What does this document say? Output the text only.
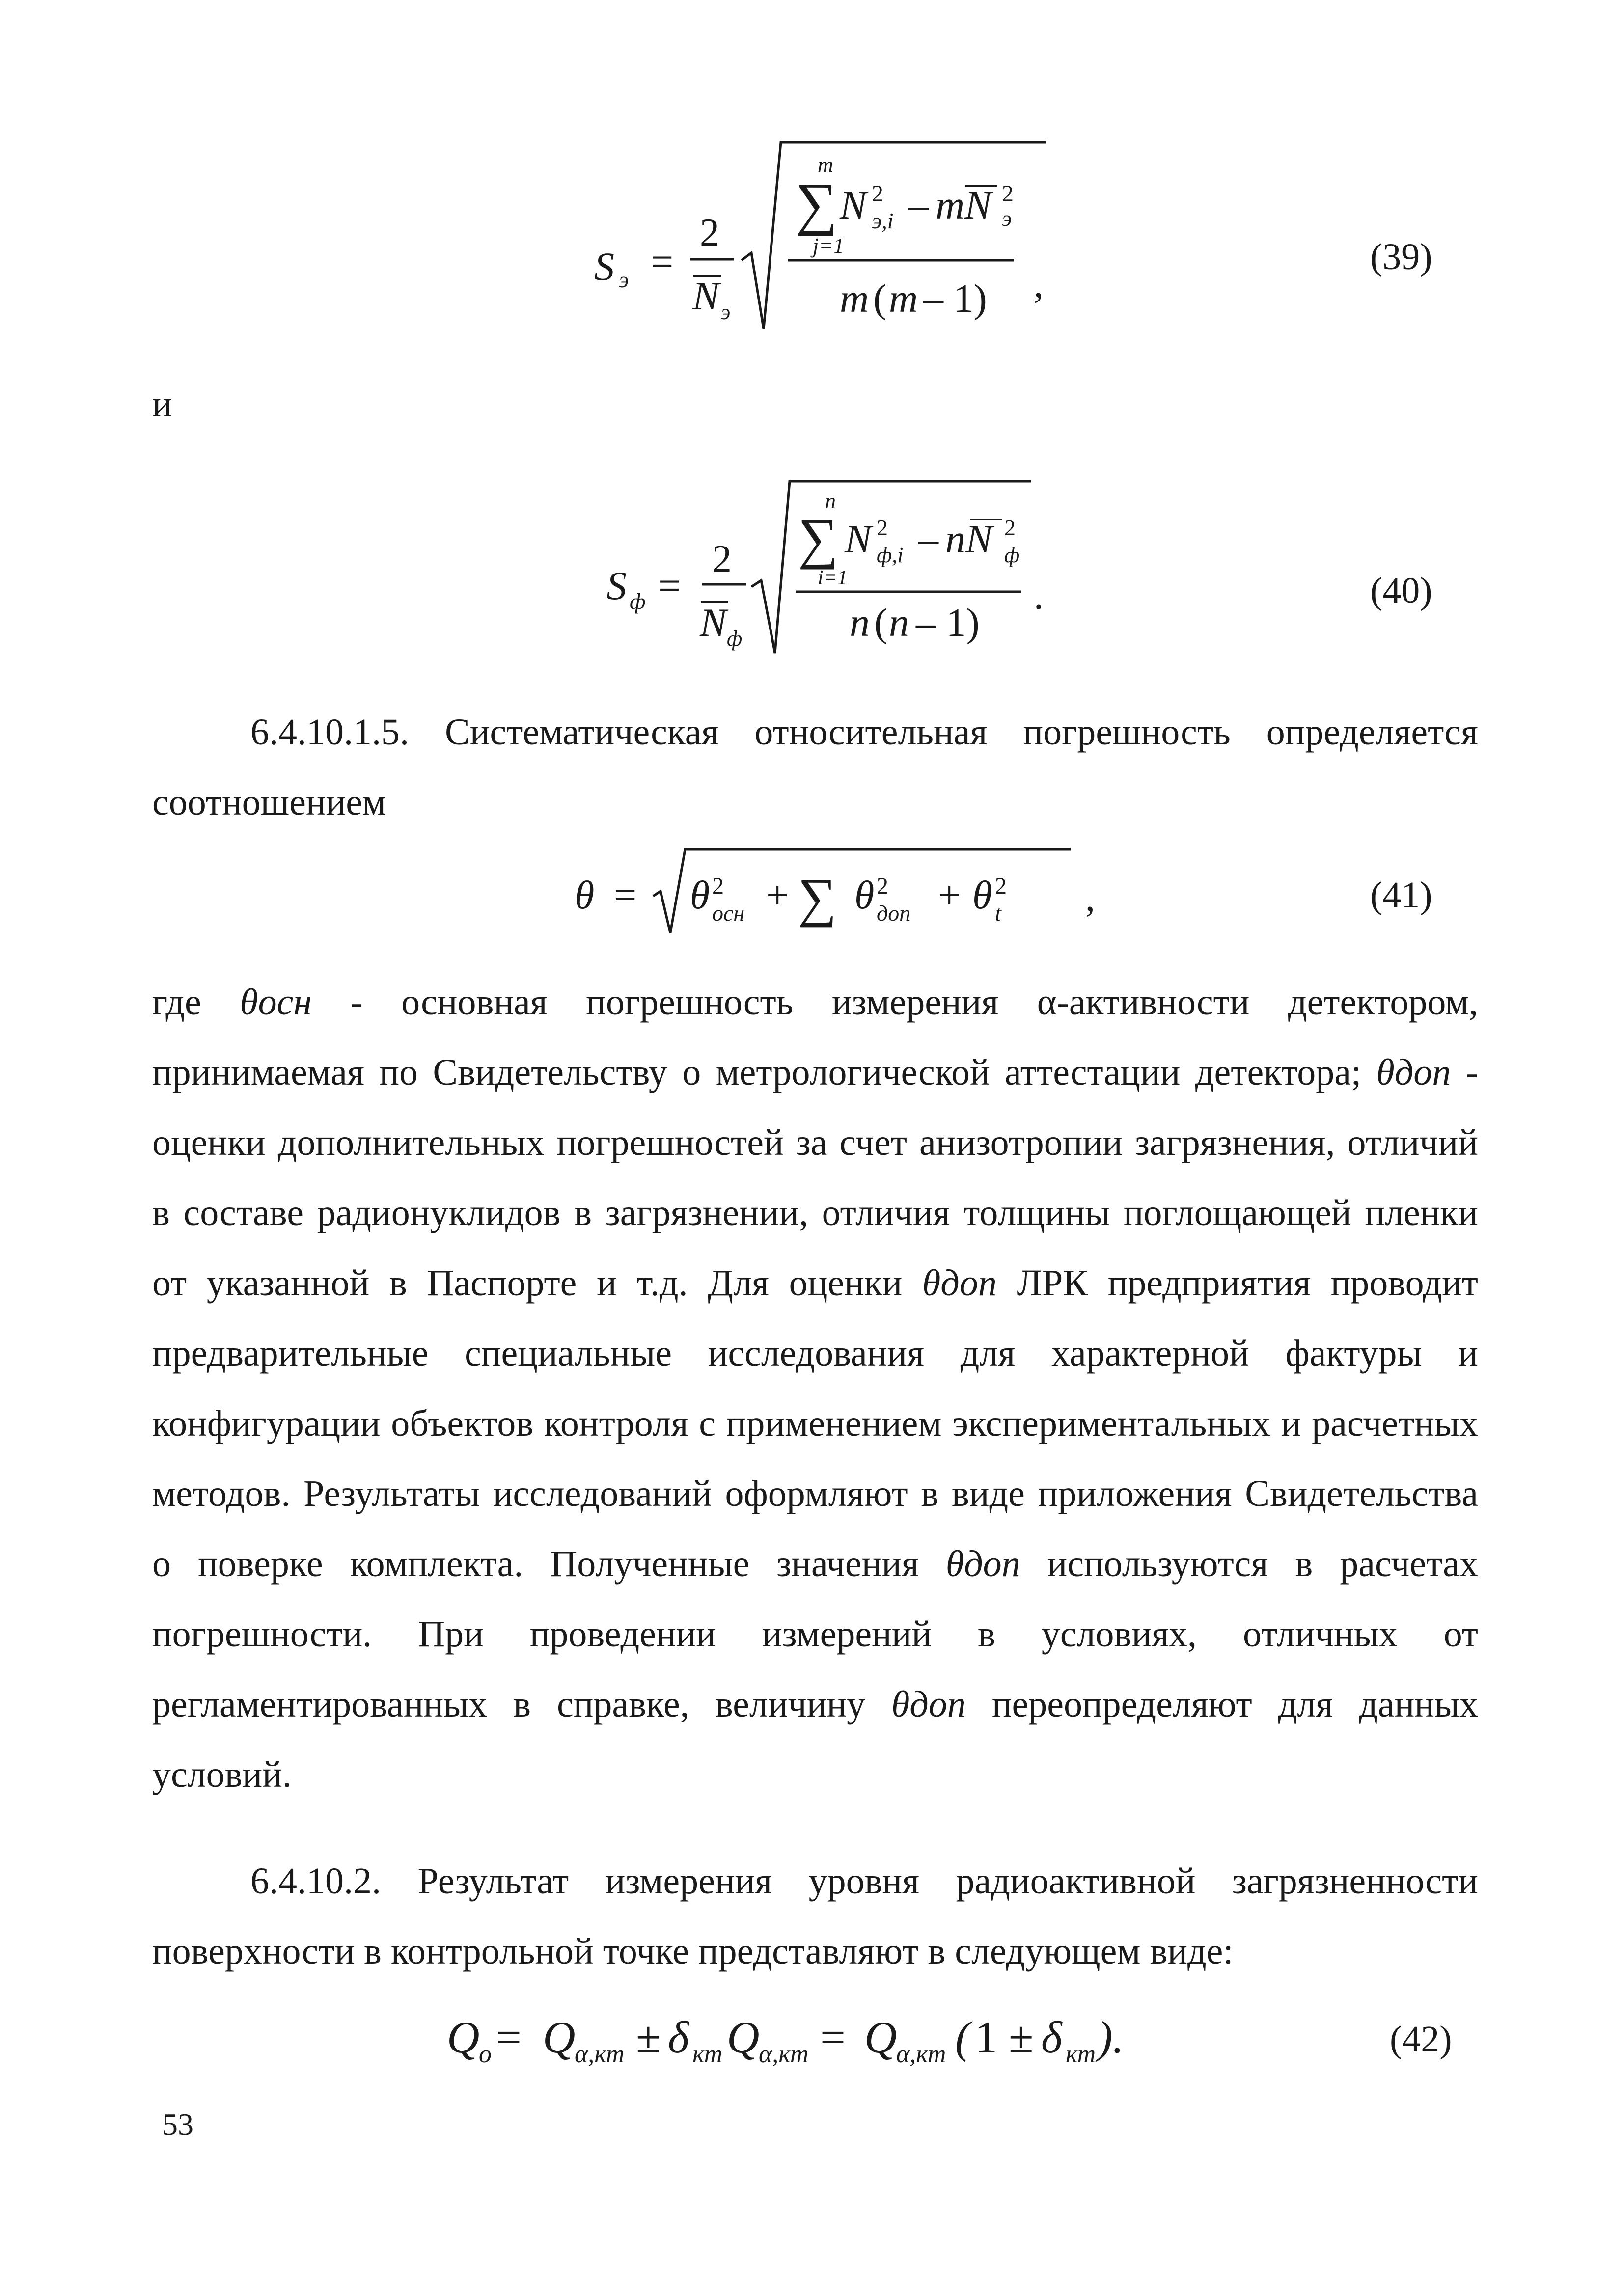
S э =
2
N э
m
∑ N 2
э,i – mN 2
э
j=1
m ( m – 1) ,
(39)
и
S ф =
2
N ф
n
∑ N 2
ф,i – nN 2
ф
i=1
n ( n – 1)
.	(40)

6.4.10.1.5. Систематическая относительная погрешность определяется соотношением

θ = θ 2
осн + ∑ θ 2
доп + θ 2
t ,	(41)

где θосн - основная погрешность измерения α-активности детектором, принимаемая по Свидетельству о метрологической аттестации детектора; θдоп - оценки дополнительных погрешностей за счет анизотропии загрязнения, отличий в составе радионуклидов в загрязнении, отличия толщины поглощающей пленки от указанной в Паспорте и т.д. Для оценки θдоп ЛРК предприятия проводит предварительные специальные исследования для характерной фактуры и конфигурации объектов контроля с применением экспериментальных и расчетных методов. Результаты исследований оформляют в виде приложения Свидетельства о поверке комплекта. Полученные значения θдоп используются в расчетах погрешности. При проведении измерений в условиях, отличных от регламентированных в справке, величину θдоп переопределяют для данных условий.

6.4.10.2. Результат измерения уровня радиоактивной загрязненности поверхности в контрольной точке представляют в следующем виде:

Q
o = Q
α,кт ± δ кт Q
α,кт = Q
α,кт ( 1 ± δ кт ).	(42)
53
